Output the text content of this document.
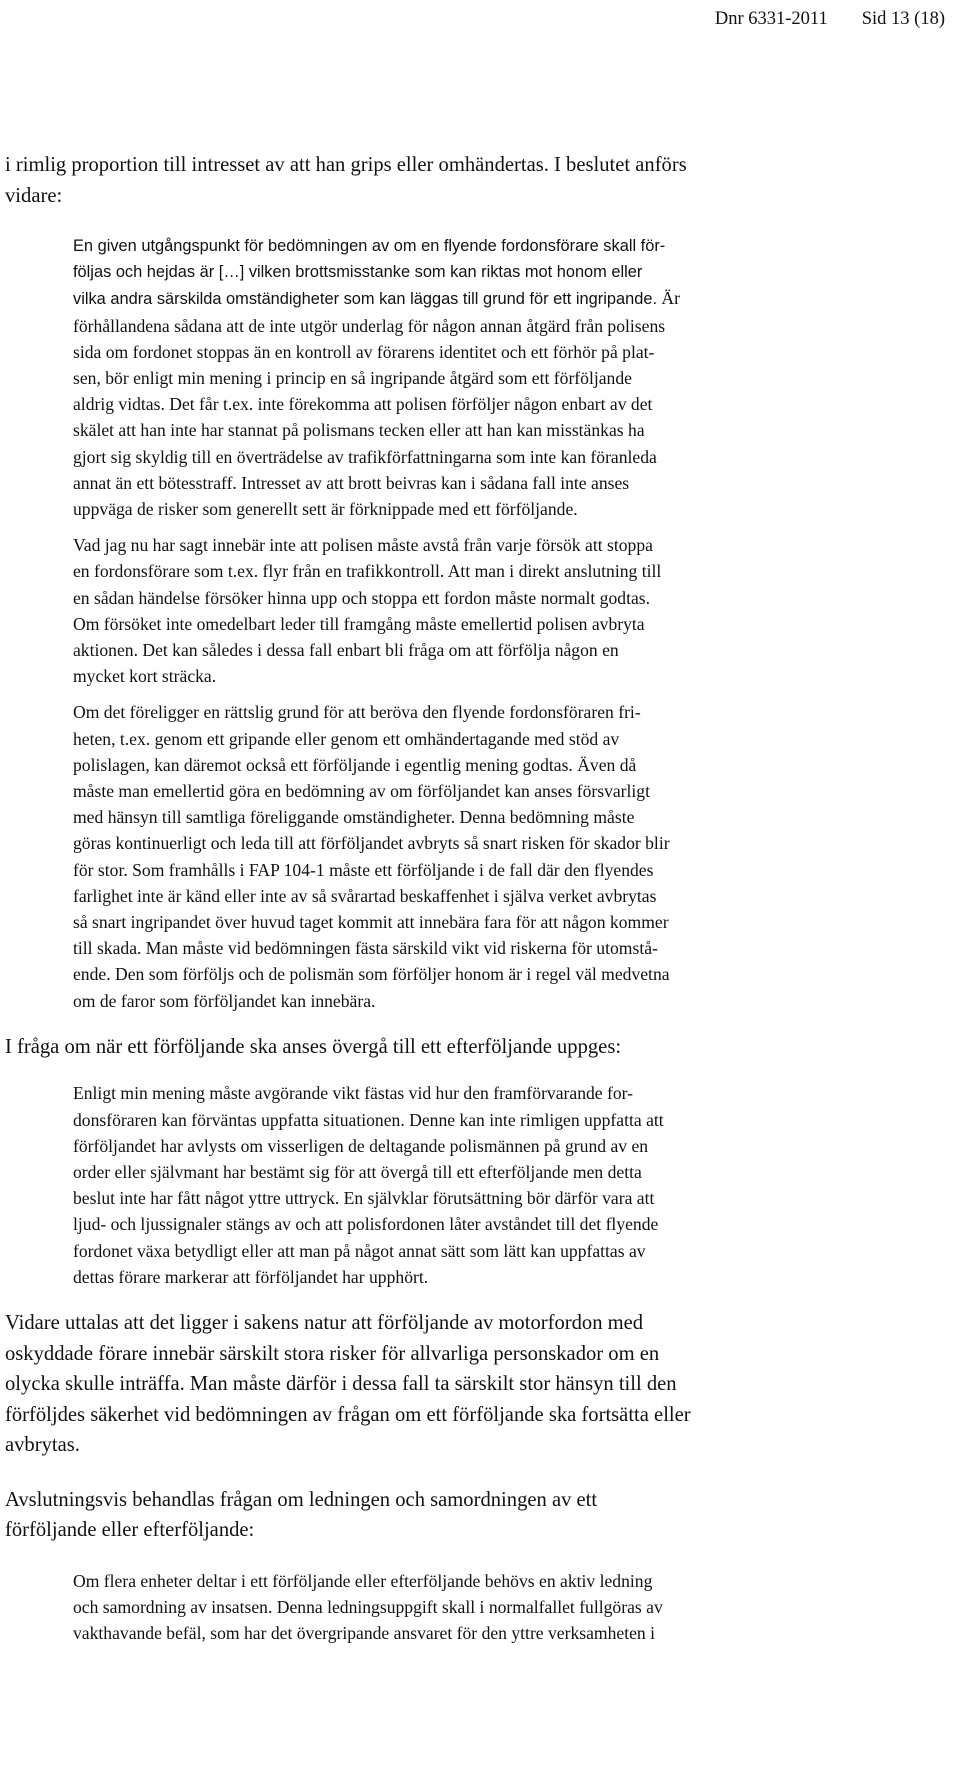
Dnr 6331-2011 Sid 13 (18)

i rimlig proportion till intresset av att han grips eller omhändertas. I beslutet anförs
vidare:

En given utgångspunkt för bedömningen av om en flyende fordonsförare skall för-
följas och hejdas är […] vilken brottsmisstanke som kan riktas mot honom eller
vilka andra särskilda omständigheter som kan läggas till grund för ett ingripande. Är
förhållandena sådana att de inte utgör underlag för någon annan åtgärd från polisens
sida om fordonet stoppas än en kontroll av förarens identitet och ett förhör på plat-
sen, bör enligt min mening i princip en så ingripande åtgärd som ett förföljande
aldrig vidtas. Det får t.ex. inte förekomma att polisen förföljer någon enbart av det
skälet att han inte har stannat på polismans tecken eller att han kan misstänkas ha
gjort sig skyldig till en överträdelse av trafikförfattningarna som inte kan föranleda
annat än ett bötesstraff. Intresset av att brott beivras kan i sådana fall inte anses
uppväga de risker som generellt sett är förknippade med ett förföljande.
Vad jag nu har sagt innebär inte att polisen måste avstå från varje försök att stoppa
en fordonsförare som t.ex. flyr från en trafikkontroll. Att man i direkt anslutning till
en sådan händelse försöker hinna upp och stoppa ett fordon måste normalt godtas.
Om försöket inte omedelbart leder till framgång måste emellertid polisen avbryta
aktionen. Det kan således i dessa fall enbart bli fråga om att förfölja någon en
mycket kort sträcka.
Om det föreligger en rättslig grund för att beröva den flyende fordonsföraren fri-
heten, t.ex. genom ett gripande eller genom ett omhändertagande med stöd av
polislagen, kan däremot också ett förföljande i egentlig mening godtas. Även då
måste man emellertid göra en bedömning av om förföljandet kan anses försvarligt
med hänsyn till samtliga föreliggande omständigheter. Denna bedömning måste
göras kontinuerligt och leda till att förföljandet avbryts så snart risken för skador blir
för stor. Som framhålls i FAP 104-1 måste ett förföljande i de fall där den flyendes
farlighet inte är känd eller inte av så svårartad beskaffenhet i själva verket avbrytas
så snart ingripandet över huvud taget kommit att innebära fara för att någon kommer
till skada. Man måste vid bedömningen fästa särskild vikt vid riskerna för utomstå-
ende. Den som förföljs och de polismän som förföljer honom är i regel väl medvetna
om de faror som förföljandet kan innebära.

I fråga om när ett förföljande ska anses övergå till ett efterföljande uppges:

Enligt min mening måste avgörande vikt fästas vid hur den framförvarande for-
donsföraren kan förväntas uppfatta situationen. Denne kan inte rimligen uppfatta att
förföljandet har avlysts om visserligen de deltagande polismännen på grund av en
order eller självmant har bestämt sig för att övergå till ett efterföljande men detta
beslut inte har fått något yttre uttryck. En självklar förutsättning bör därför vara att
ljud- och ljussignaler stängs av och att polisfordonen låter avståndet till det flyende
fordonet växa betydligt eller att man på något annat sätt som lätt kan uppfattas av
dettas förare markerar att förföljandet har upphört.

Vidare uttalas att det ligger i sakens natur att förföljande av motorfordon med
oskyddade förare innebär särskilt stora risker för allvarliga personskador om en
olycka skulle inträffa. Man måste därför i dessa fall ta särskilt stor hänsyn till den
förföljdes säkerhet vid bedömningen av frågan om ett förföljande ska fortsätta eller
avbrytas.

Avslutningsvis behandlas frågan om ledningen och samordningen av ett
förföljande eller efterföljande:

Om flera enheter deltar i ett förföljande eller efterföljande behövs en aktiv ledning
och samordning av insatsen. Denna ledningsuppgift skall i normalfallet fullgöras av
vakthavande befäl, som har det övergripande ansvaret för den yttre verksamheten i
